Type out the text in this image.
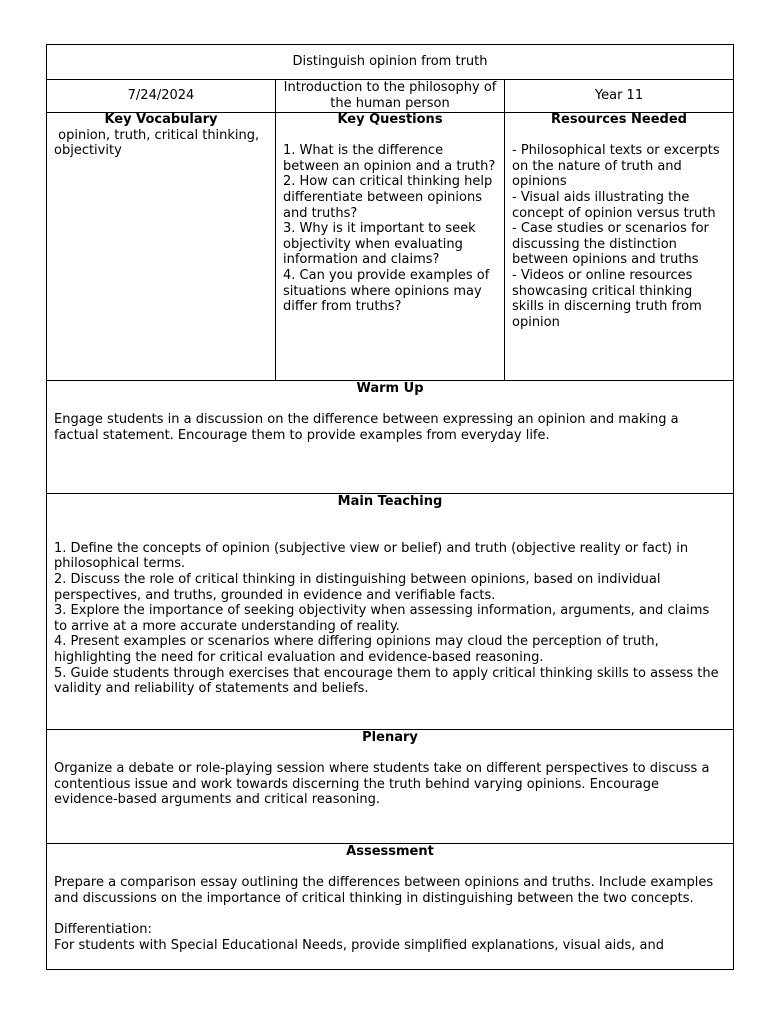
Distinguish opinion from truth
7/24/2024
Introduction to the philosophy of the human person
Year 11
Key Vocabulary
opinion, truth, critical thinking, objectivity
Key Questions

1. What is the difference between an opinion and a truth?
2. How can critical thinking help differentiate between opinions and truths?
3. Why is it important to seek objectivity when evaluating information and claims?
4. Can you provide examples of situations where opinions may differ from truths?
Resources Needed

- Philosophical texts or excerpts on the nature of truth and opinions
- Visual aids illustrating the concept of opinion versus truth
- Case studies or scenarios for discussing the distinction between opinions and truths
- Videos or online resources showcasing critical thinking skills in discerning truth from opinion
Warm Up

Engage students in a discussion on the difference between expressing an opinion and making a factual statement. Encourage them to provide examples from everyday life.
Main Teaching

1. Define the concepts of opinion (subjective view or belief) and truth (objective reality or fact) in philosophical terms.
2. Discuss the role of critical thinking in distinguishing between opinions, based on individual perspectives, and truths, grounded in evidence and verifiable facts.
3. Explore the importance of seeking objectivity when assessing information, arguments, and claims to arrive at a more accurate understanding of reality.
4. Present examples or scenarios where differing opinions may cloud the perception of truth, highlighting the need for critical evaluation and evidence-based reasoning.
5. Guide students through exercises that encourage them to apply critical thinking skills to assess the validity and reliability of statements and beliefs.
Plenary

Organize a debate or role-playing session where students take on different perspectives to discuss a contentious issue and work towards discerning the truth behind varying opinions. Encourage evidence-based arguments and critical reasoning.
Assessment

Prepare a comparison essay outlining the differences between opinions and truths. Include examples and discussions on the importance of critical thinking in distinguishing between the two concepts.

Differentiation:
For students with Special Educational Needs, provide simplified explanations, visual aids, and
